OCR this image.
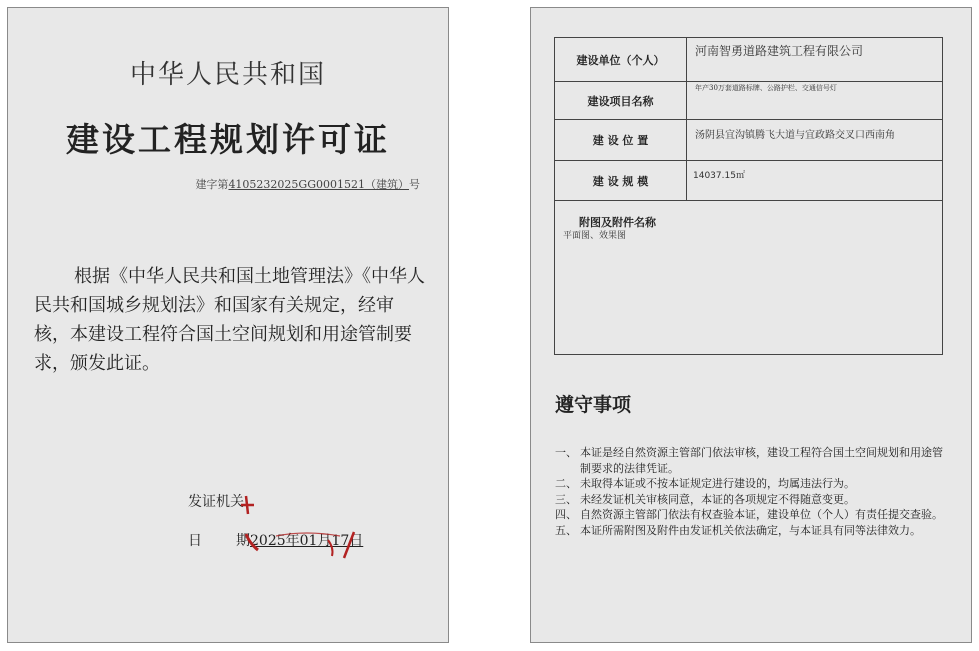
中华人民共和国
建设工程规划许可证
建字第4105232025GG0001521（建筑）号
根据《中华人民共和国土地管理法》《中华人民共和国城乡规划法》和国家有关规定，经审核，本建设工程符合国土空间规划和用途管制要求，颁发此证。
发证机关
日 期2025年01月17日
建设单位（个人）
河南智勇道路建筑工程有限公司
建设项目名称
年产30万套道路标牌、公路护栏、交通信号灯
建 设 位 置	汤阴县宜沟镇腾飞大道与宜政路交叉口西南角
建 设 规 模	14037.15㎡
附图及附件名称
平面图、效果图
遵守事项
一、 本证是经自然资源主管部门依法审核，建设工程符合国土空间规划和用途管制要求的法律凭证。
二、 未取得本证或不按本证规定进行建设的，均属违法行为。
三、 未经发证机关审核同意，本证的各项规定不得随意变更。
四、 自然资源主管部门依法有权查验本证，建设单位（个人）有责任提交查验。
五、 本证所需附图及附件由发证机关依法确定，与本证具有同等法律效力。
